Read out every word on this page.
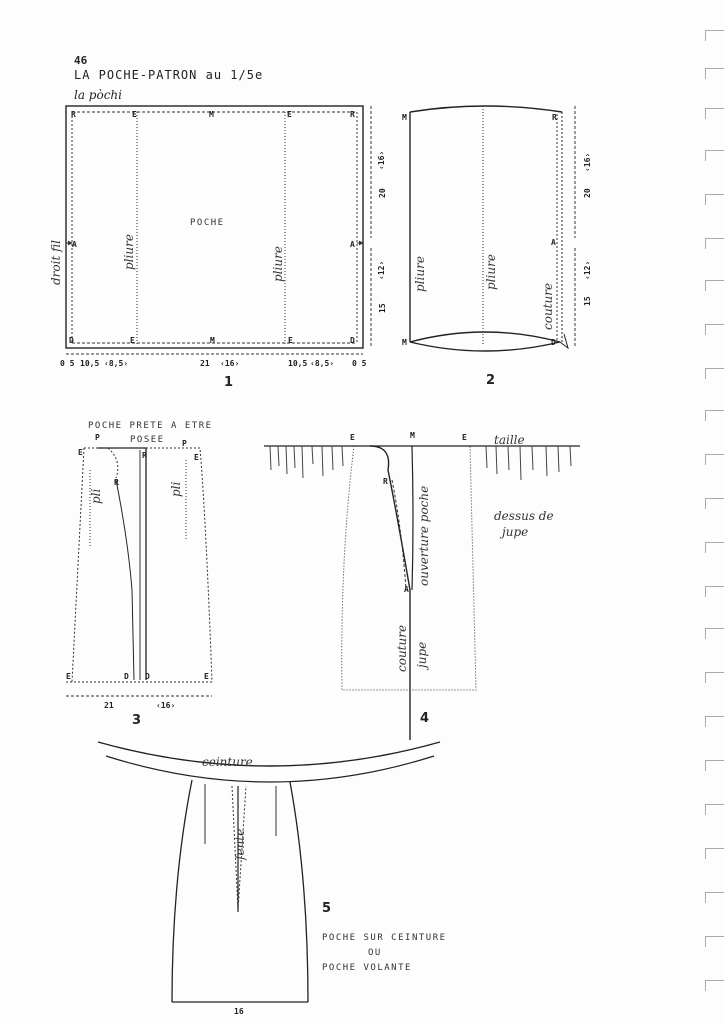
46
LA POCHE-PATRON au 1/5e
la pòchi
R	E	M	E	R
A	A
D	E	M	E	D
POCHE
droit fil	pliure	pliure
‹16›
20
‹12›
15
0 5 10,5 ‹8,5›	21 ‹16›	10,5 ‹8,5› 0 5
1
M	R
A
M	D
pliure	pliure
couture
‹16›
20
‹12›
15
2
POCHE PRETE A ETRE
POSEE
P
P
E	R	E
R
E	D D	E
pli	pli
21	‹16›
3
E	M	E
R
A
taille
dessus de
jupe
ouverture poche
couture jupe
4
ceinture
fente
16
5
POCHE SUR CEINTURE
OU
POCHE VOLANTE
